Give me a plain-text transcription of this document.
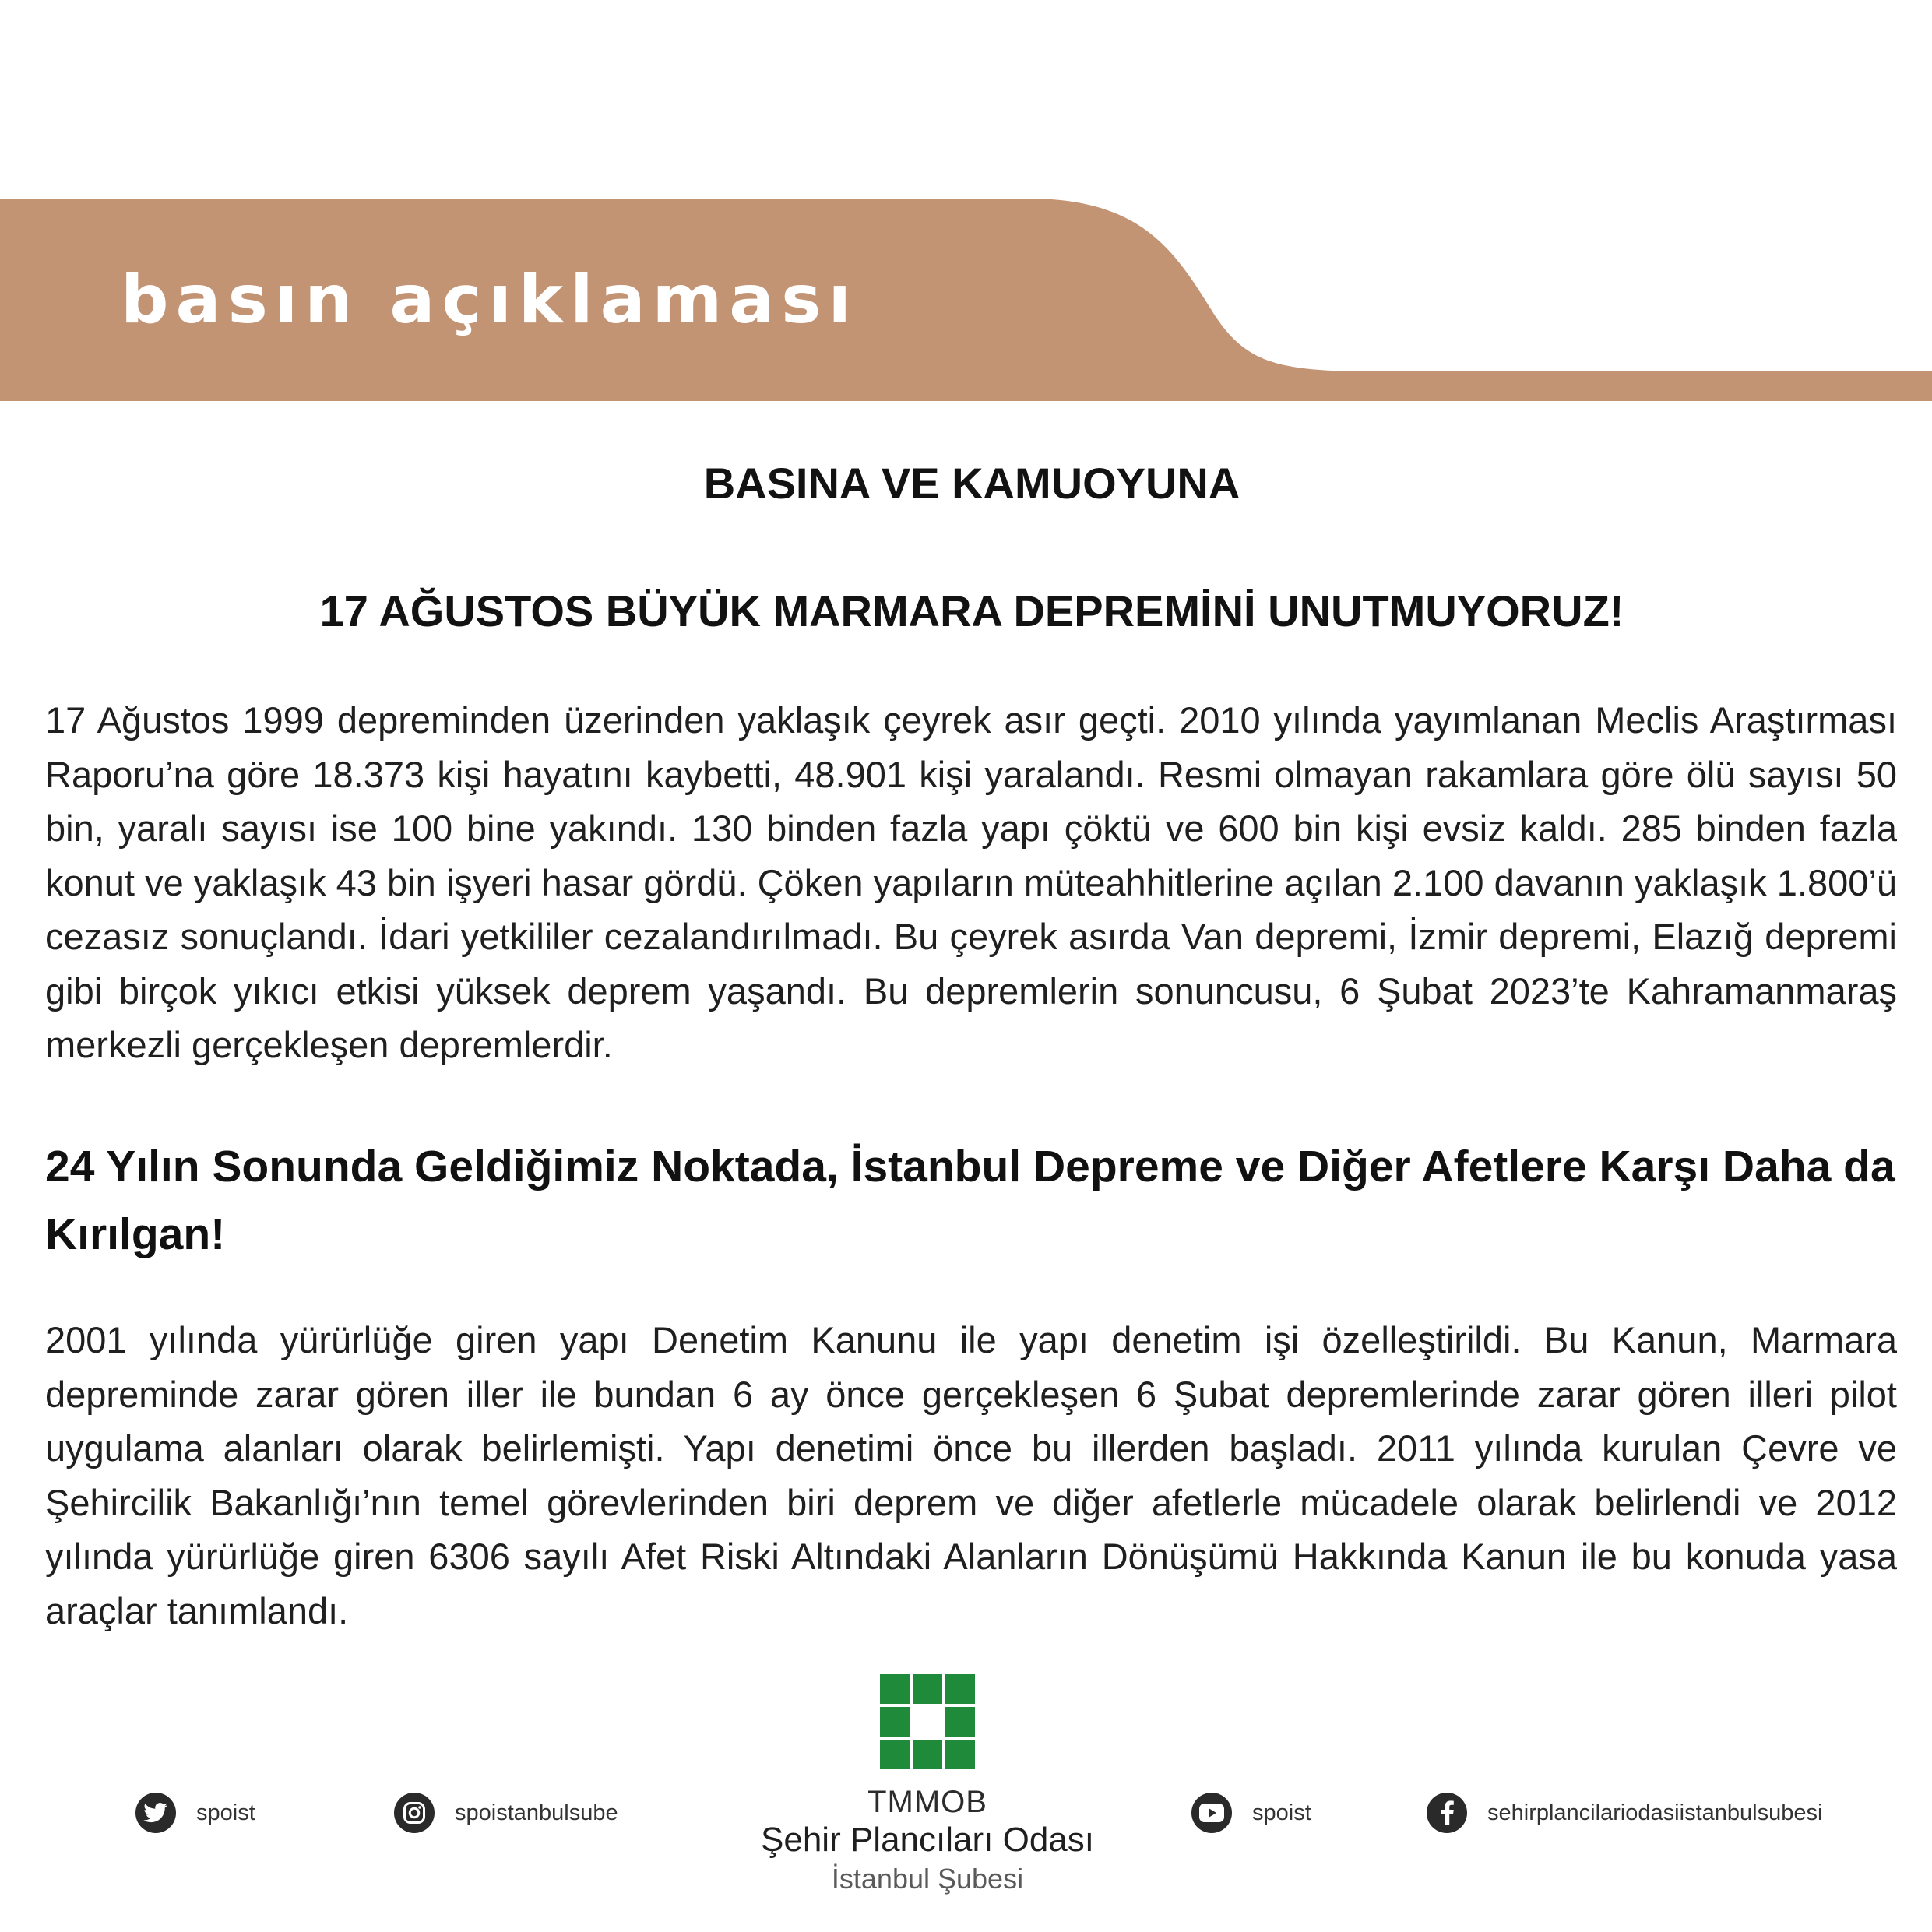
basın açıklaması

BASINA VE KAMUOYUNA

17 AĞUSTOS BÜYÜK MARMARA DEPREMİNİ UNUTMUYORUZ!

17 Ağustos 1999 depreminden üzerinden yaklaşık çeyrek asır geçti. 2010 yılında yayımlanan Meclis Araştırması Raporu’na göre 18.373 kişi hayatını kaybetti, 48.901 kişi yaralandı. Resmi olmayan rakamlara göre ölü sayısı 50 bin, yaralı sayısı ise 100 bine yakındı. 130 binden fazla yapı çöktü ve 600 bin kişi evsiz kaldı. 285 binden fazla konut ve yaklaşık 43 bin işyeri hasar gördü. Çöken yapıların müteahhitlerine açılan 2.100 davanın yaklaşık 1.800’ü cezasız sonuçlandı. İdari yetkililer cezalandırılmadı. Bu çeyrek asırda Van depremi, İzmir depremi, Elazığ depremi gibi birçok yıkıcı etkisi yüksek deprem yaşandı. Bu depremlerin sonuncusu, 6 Şubat 2023’te Kahramanmaraş merkezli gerçekleşen depremlerdir.

24 Yılın Sonunda Geldiğimiz Noktada, İstanbul Depreme ve Diğer Afetlere Karşı Daha da Kırılgan!

2001 yılında yürürlüğe giren yapı Denetim Kanunu ile yapı denetim işi özelleştirildi. Bu Kanun, Marmara depreminde zarar gören iller ile bundan 6 ay önce gerçekleşen 6 Şubat depremlerinde zarar gören illeri pilot uygulama alanları olarak belirlemişti. Yapı denetimi önce bu illerden başladı. 2011 yılında kurulan Çevre ve Şehircilik Bakanlığı’nın temel görevlerinden biri deprem ve diğer afetlerle mücadele olarak belirlendi ve 2012 yılında yürürlüğe giren 6306 sayılı Afet Riski Altındaki Alanların Dönüşümü Hakkında Kanun ile bu konuda yasa araçlar tanımlandı.

TMMOB

Şehir Plancıları Odası

İstanbul Şubesi

spoist	spoistanbulsube	spoist	sehirplancilariodasiistanbulsubesi
